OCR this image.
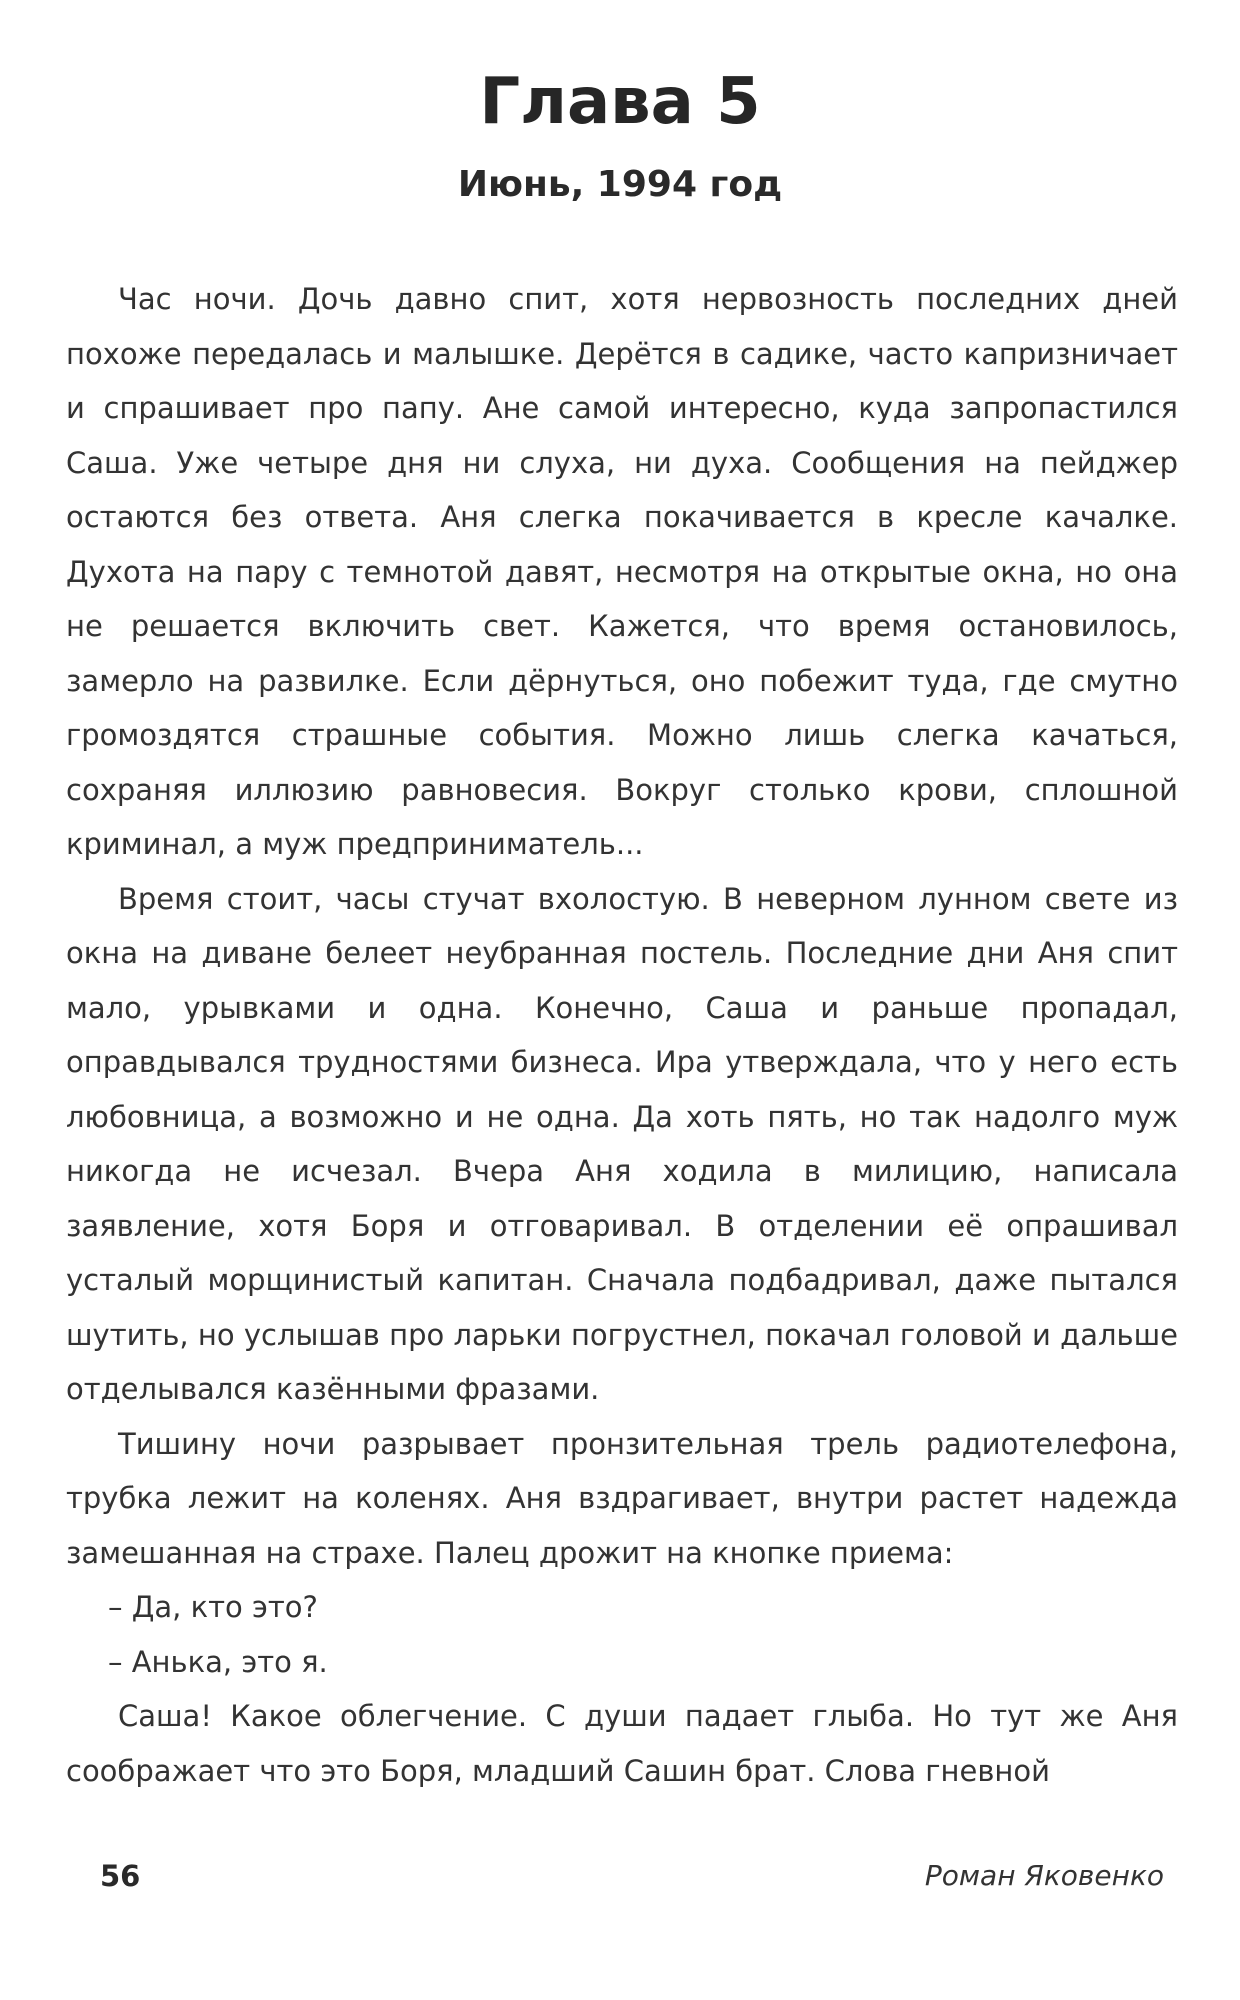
Глава 5
Июнь, 1994 год

Час ночи. Дочь давно спит, хотя нервозность последних дней похоже передалась и малышке. Дерётся в садике, часто капризничает и спрашивает про папу. Ане самой интересно, куда запропастился Саша. Уже четыре дня ни слуха, ни духа. Сообщения на пейджер остаются без ответа. Аня слегка покачивается в кресле качалке. Духота на пару с темнотой давят, несмотря на открытые окна, но она не решается включить свет. Кажется, что время остановилось, замерло на развилке. Если дёрнуться, оно побежит туда, где смутно громоздятся страшные события. Можно лишь слегка качаться, сохраняя иллюзию равновесия. Вокруг столько крови, сплошной криминал, а муж предприниматель...

Время стоит, часы стучат вхолостую. В неверном лунном свете из окна на диване белеет неубранная постель. Последние дни Аня спит мало, урывками и одна. Конечно, Саша и раньше пропадал, оправдывался трудностями бизнеса. Ира утверждала, что у него есть любовница, а возможно и не одна. Да хоть пять, но так надолго муж никогда не исчезал. Вчера Аня ходила в милицию, написала заявление, хотя Боря и отговаривал. В отделении её опрашивал усталый морщинистый капитан. Сначала подбадривал, даже пытался шутить, но услышав про ларьки погрустнел, покачал головой и дальше отделывался казёнными фразами.

Тишину ночи разрывает пронзительная трель радиотелефона, трубка лежит на коленях. Аня вздрагивает, внутри растет надежда замешанная на страхе. Палец дрожит на кнопке приема:

– Да, кто это?

– Анька, это я.

Саша! Какое облегчение. С души падает глыба. Но тут же Аня соображает что это Боря, младший Сашин брат. Слова гневной

56	Роман Яковенко
